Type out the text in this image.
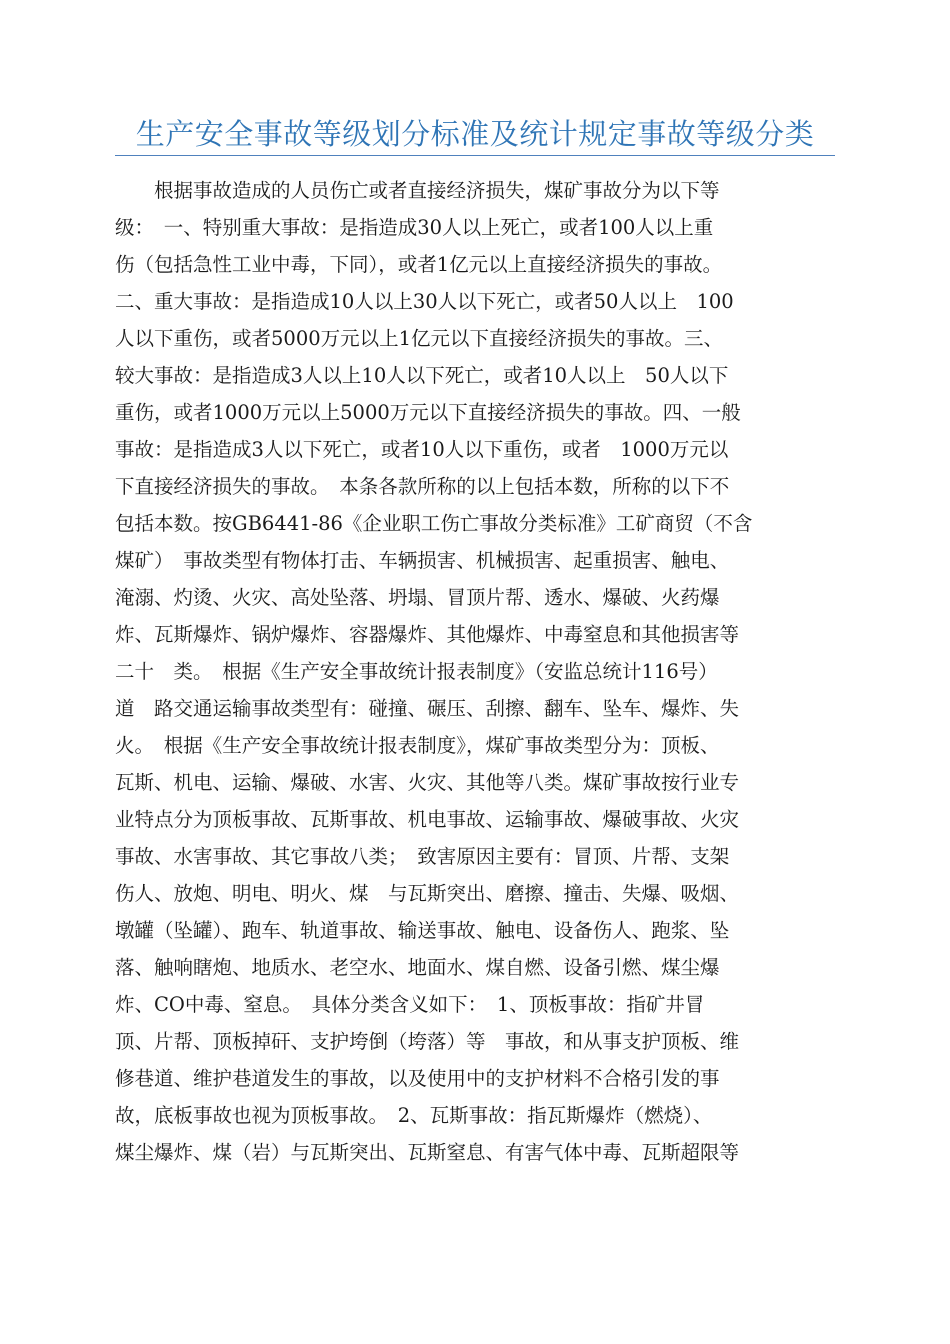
生产安全事故等级划分标准及统计规定事故等级分类
　　根据事故造成的人员伤亡或者直接经济损失，煤矿事故分为以下等
级：　一、特别重大事故：是指造成30人以上死亡，或者100人以上重
伤（包括急性工业中毒，下同），或者1亿元以上直接经济损失的事故。
二、重大事故：是指造成10人以上30人以下死亡，或者50人以上　100
人以下重伤，或者5000万元以上1亿元以下直接经济损失的事故。三、
较大事故：是指造成3人以上10人以下死亡，或者10人以上　50人以下
重伤，或者1000万元以上5000万元以下直接经济损失的事故。四、一般
事故：是指造成3人以下死亡，或者10人以下重伤，或者　1000万元以
下直接经济损失的事故。　本条各款所称的以上包括本数，所称的以下不
包括本数。按GB6441-86《企业职工伤亡事故分类标准》工矿商贸（不含
煤矿）　事故类型有物体打击、车辆损害、机械损害、起重损害、触电、
淹溺、灼烫、火灾、高处坠落、坍塌、冒顶片帮、透水、爆破、火药爆
炸、瓦斯爆炸、锅炉爆炸、容器爆炸、其他爆炸、中毒窒息和其他损害等
二十　类。　根据《生产安全事故统计报表制度》（安监总统计116号）
道　路交通运输事故类型有：碰撞、碾压、刮擦、翻车、坠车、爆炸、失
火。　根据《生产安全事故统计报表制度》，煤矿事故类型分为：顶板、
瓦斯、机电、运输、爆破、水害、火灾、其他等八类。煤矿事故按行业专
业特点分为顶板事故、瓦斯事故、机电事故、运输事故、爆破事故、火灾
事故、水害事故、其它事故八类；　致害原因主要有：冒顶、片帮、支架
伤人、放炮、明电、明火、煤　与瓦斯突出、磨擦、撞击、失爆、吸烟、
墩罐（坠罐）、跑车、轨道事故、输送事故、触电、设备伤人、跑浆、坠
落、触响瞎炮、地质水、老空水、地面水、煤自燃、设备引燃、煤尘爆
炸、CO中毒、窒息。　具体分类含义如下：　1、顶板事故：指矿井冒
顶、片帮、顶板掉矸、支护垮倒（垮落）等　事故，和从事支护顶板、维
修巷道、维护巷道发生的事故，以及使用中的支护材料不合格引发的事
故，底板事故也视为顶板事故。　2、瓦斯事故：指瓦斯爆炸（燃烧）、
煤尘爆炸、煤（岩）与瓦斯突出、瓦斯窒息、有害气体中毒、瓦斯超限等
